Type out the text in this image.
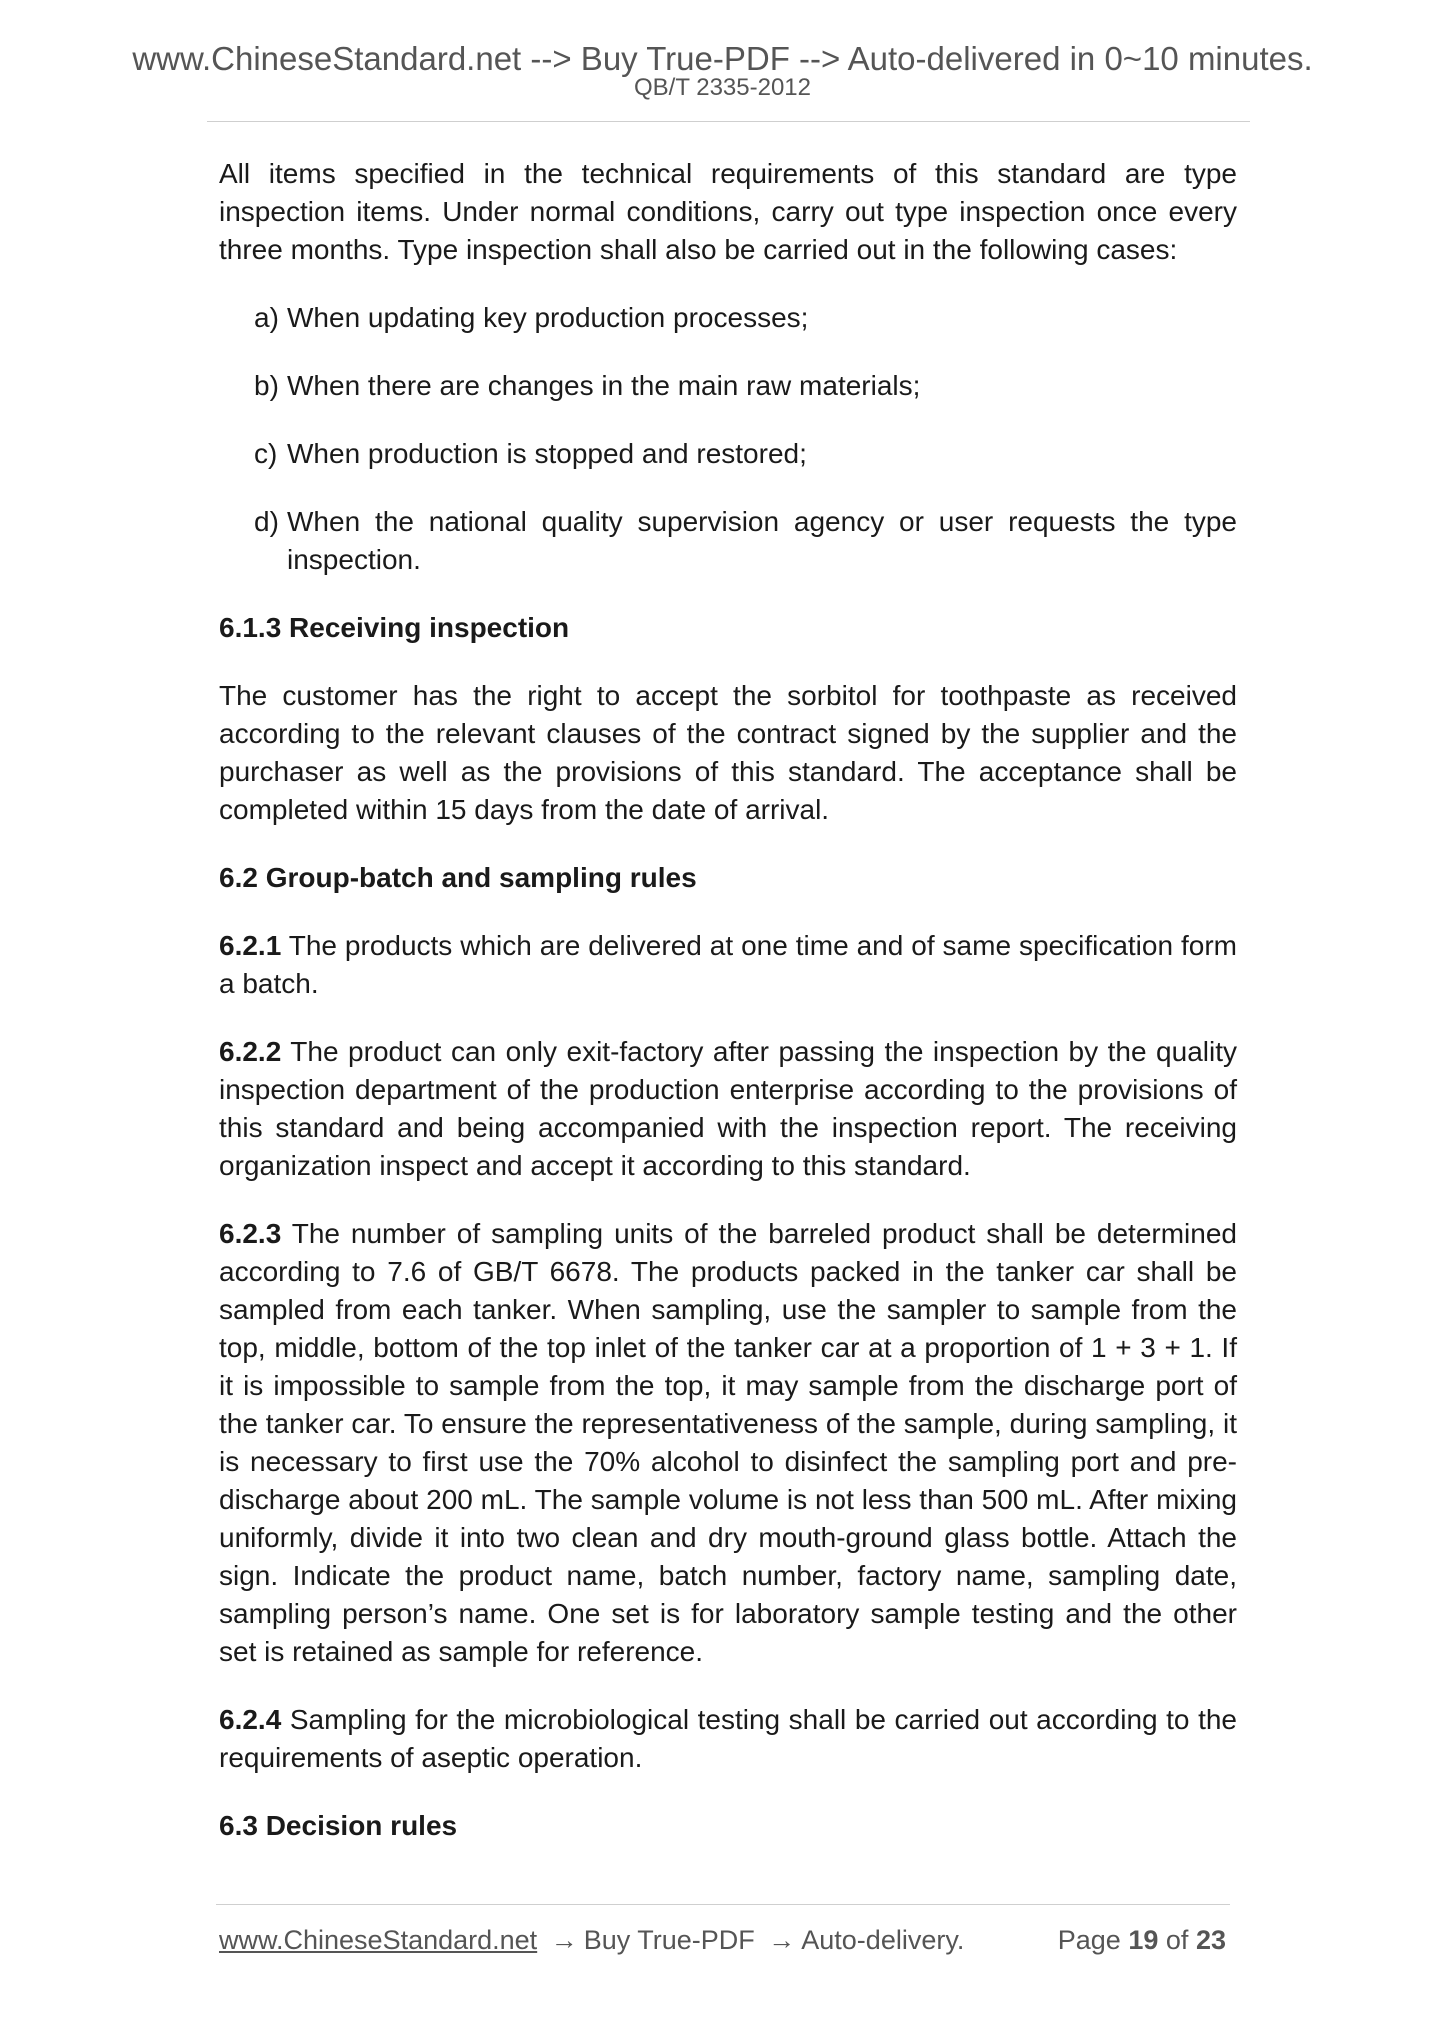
www.ChineseStandard.net --> Buy True-PDF --> Auto-delivered in 0~10 minutes.
QB/T 2335-2012

All items specified in the technical requirements of this standard are type inspection items. Under normal conditions, carry out type inspection once every three months. Type inspection shall also be carried out in the following cases:

a) When updating key production processes;
b) When there are changes in the main raw materials;
c) When production is stopped and restored;
d) When the national quality supervision agency or user requests the type inspection.
6.1.3 Receiving inspection

The customer has the right to accept the sorbitol for toothpaste as received according to the relevant clauses of the contract signed by the supplier and the purchaser as well as the provisions of this standard. The acceptance shall be completed within 15 days from the date of arrival.

6.2 Group-batch and sampling rules

6.2.1 The products which are delivered at one time and of same specification form a batch.

6.2.2 The product can only exit-factory after passing the inspection by the quality inspection department of the production enterprise according to the provisions of this standard and being accompanied with the inspection report. The receiving organization inspect and accept it according to this standard.

6.2.3 The number of sampling units of the barreled product shall be determined according to 7.6 of GB/T 6678. The products packed in the tanker car shall be sampled from each tanker. When sampling, use the sampler to sample from the top, middle, bottom of the top inlet of the tanker car at a proportion of 1 + 3 + 1. If it is impossible to sample from the top, it may sample from the discharge port of the tanker car. To ensure the representativeness of the sample, during sampling, it is necessary to first use the 70% alcohol to disinfect the sampling port and pre-discharge about 200 mL. The sample volume is not less than 500 mL. After mixing uniformly, divide it into two clean and dry mouth-ground glass bottle. Attach the sign. Indicate the product name, batch number, factory name, sampling date, sampling person’s name. One set is for laboratory sample testing and the other set is retained as sample for reference.

6.2.4 Sampling for the microbiological testing shall be carried out according to the requirements of aseptic operation.

6.3 Decision rules
www.ChineseStandard.net → Buy True-PDF → Auto-delivery.	Page 19 of 23
